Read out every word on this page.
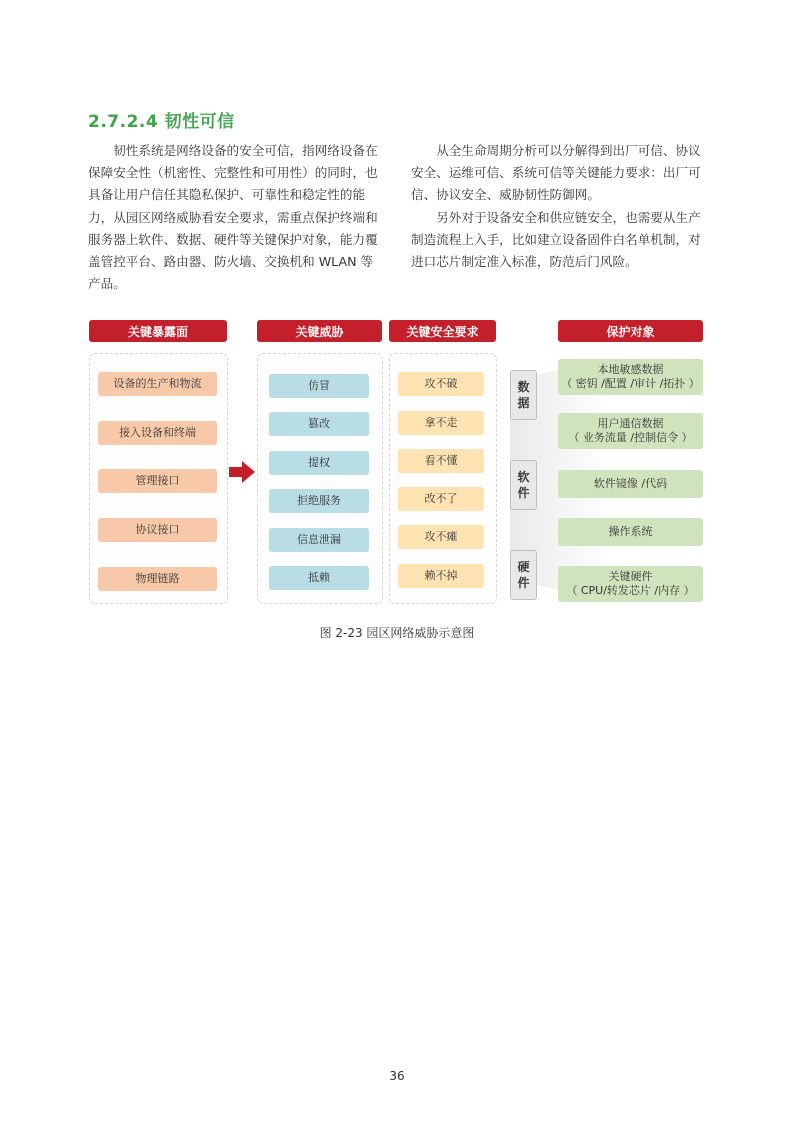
2.7.2.4 韧性可信

韧性系统是网络设备的安全可信，指网络设备在保障安全性（机密性、完整性和可用性）的同时，也具备让用户信任其隐私保护、可靠性和稳定性的能力，从园区网络威胁看安全要求，需重点保护终端和服务器上软件、数据、硬件等关键保护对象，能力覆盖管控平台、路由器、防火墙、交换机和 WLAN 等产品。

从全生命周期分析可以分解得到出厂可信、协议安全、运维可信、系统可信等关键能力要求：出厂可信、协议安全、威胁韧性防御网。

另外对于设备安全和供应链安全，也需要从生产制造流程上入手，比如建立设备固件白名单机制，对进口芯片制定准入标准，防范后门风险。

关键暴露面	关键威胁	关键安全要求	保护对象
设备的生产和物流
接入设备和终端
管理接口
协议接口
物理链路
仿冒
篡改
提权
拒绝服务
信息泄漏
抵赖
攻不破
拿不走
看不懂
改不了
攻不瘫
赖不掉
数
据
软
件
硬
件
本地敏感数据
（ 密钥 /配置 /审计 /拓扑 ）
用户通信数据
（ 业务流量 /控制信令 ）
软件镜像 /代码
操作系统
关键硬件
（ CPU/转发芯片 /内存 ）
图 2-23 园区网络威胁示意图
36
